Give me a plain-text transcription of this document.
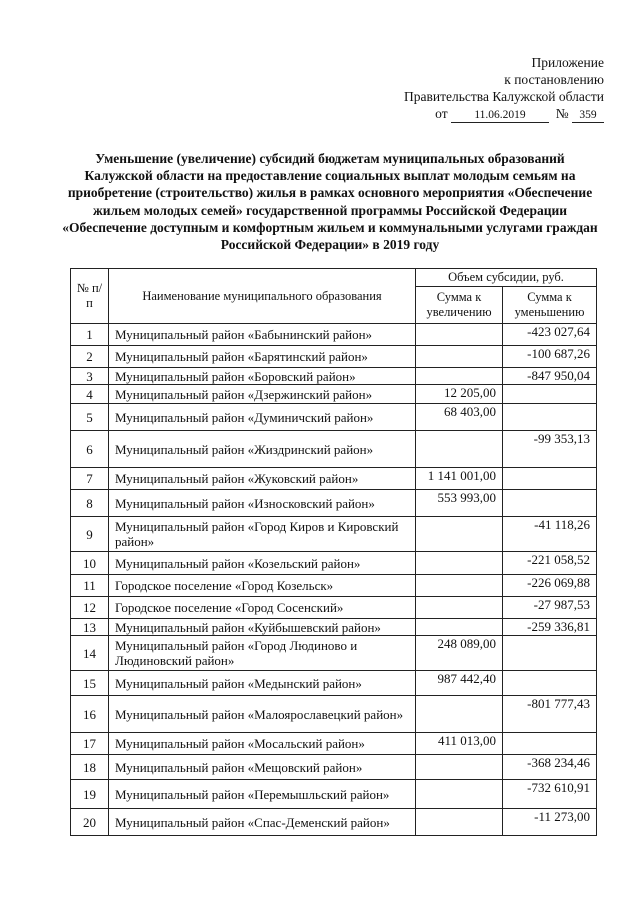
Приложение
к постановлению
Правительства Калужской области
от 11.06.2019 № 359
Уменьшение (увеличение) субсидий бюджетам муниципальных образований Калужской области на предоставление социальных выплат молодым семьям на приобретение (строительство) жилья в рамках основного мероприятия «Обеспечение жильем молодых семей» государственной программы Российской Федерации «Обеспечение доступным и комфортным жильем и коммунальными услугами граждан Российской Федерации» в 2019 году
№ п/п	Наименование муниципального образования	Объем субсидии, руб.	
		Сумма к увеличению	Сумма к уменьшению
1	Муниципальный район «Бабынинский район»		-423 027,64
2	Муниципальный район «Барятинский район»		-100 687,26
3	Муниципальный район «Боровский район»		-847 950,04
4	Муниципальный район «Дзержинский район»	12 205,00	
5	Муниципальный район «Думиничский район»	68 403,00	
6	Муниципальный район «Жиздринский район»		-99 353,13
7	Муниципальный район «Жуковский район»	1 141 001,00	
8	Муниципальный район «Износковский район»	553 993,00	
9	Муниципальный район «Город Киров и Кировский район»		-41 118,26
10	Муниципальный район «Козельский район»		-221 058,52
11	Городское поселение «Город Козельск»		-226 069,88
12	Городское поселение «Город Сосенский»		-27 987,53
13	Муниципальный район «Куйбышевский район»		-259 336,81
14	Муниципальный район «Город Людиново и Людиновский район»	248 089,00	
15	Муниципальный район «Медынский район»	987 442,40	
16	Муниципальный район «Малоярославецкий район»		-801 777,43
17	Муниципальный район «Мосальский район»	411 013,00	
18	Муниципальный район «Мещовский район»		-368 234,46
19	Муниципальный район «Перемышльский район»		-732 610,91
20	Муниципальный район «Спас-Деменский район»		-11 273,00
